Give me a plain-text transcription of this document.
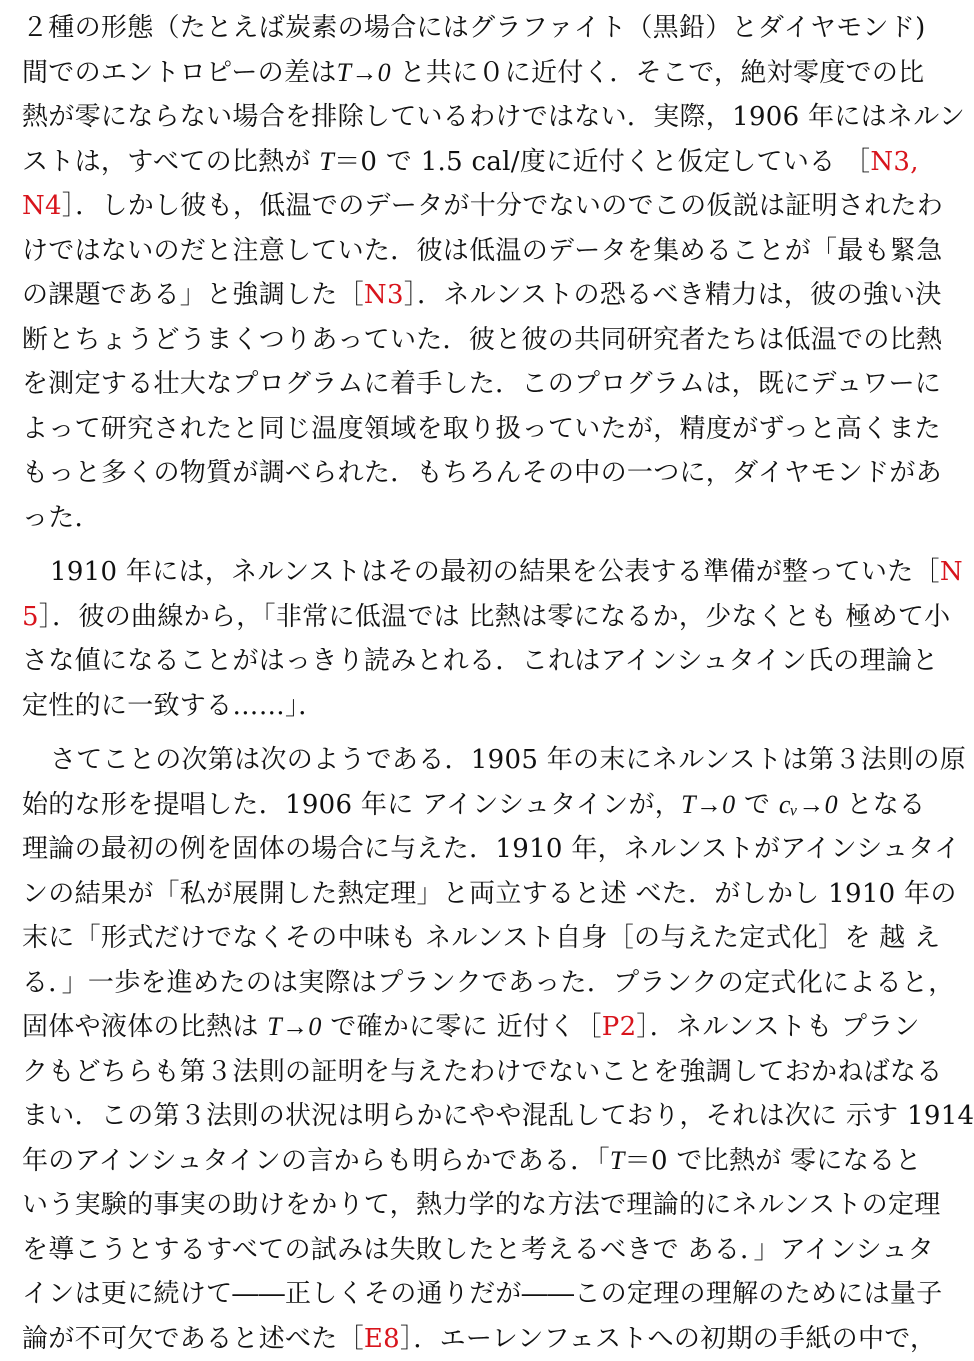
２種の形態（たとえば炭素の場合にはグラファイト（黒鉛）とダイヤモンド)
間でのエントロピーの差はT→0 と共に０に近付く．そこで，絶対零度での比
熱が零にならない場合を排除しているわけではない．実際，1906 年にはネルン
ストは，すべての比熱が T＝0 で 1.5 cal/度に近付くと仮定している ［N3,
N4］．しかし彼も，低温でのデータが十分でないのでこの仮説は証明されたわ
けではないのだと注意していた．彼は低温のデータを集めることが「最も緊急
の課題である」と強調した［N3］．ネルンストの恐るべき精力は，彼の強い決
断とちょうどうまくつりあっていた．彼と彼の共同研究者たちは低温での比熱
を測定する壮大なプログラムに着手した．このプログラムは，既にデュワーに
よって研究されたと同じ温度領域を取り扱っていたが，精度がずっと高くまた
もっと多くの物質が調べられた．もちろんその中の一つに，ダイヤモンドがあ
った．
1910 年には，ネルンストはその最初の結果を公表する準備が整っていた［N
5］．彼の曲線から，「非常に低温では 比熱は零になるか，少なくとも 極めて小
さな値になることがはっきり読みとれる．これはアインシュタイン氏の理論と
定性的に一致する……」．
さてことの次第は次のようである．1905 年の末にネルンストは第３法則の原
始的な形を提唱した．1906 年に アインシュタインが，T→0 で cᵥ→0 となる
理論の最初の例を固体の場合に与えた．1910 年，ネルンストがアインシュタイ
ンの結果が「私が展開した熱定理」と両立すると述 べた．がしかし 1910 年の
末に「形式だけでなくその中味も ネルンスト自身［の与えた定式化］を 越 え
る．」一歩を進めたのは実際はプランクであった．プランクの定式化によると，
固体や液体の比熱は T→0 で確かに零に 近付く［P2］．ネルンストも プラン
クもどちらも第３法則の証明を与えたわけでないことを強調しておかねばなる
まい．この第３法則の状況は明らかにやや混乱しており，それは次に 示す 1914
年のアインシュタインの言からも明らかである．「T＝0 で比熱が 零になると
いう実験的事実の助けをかりて，熱力学的な方法で理論的にネルンストの定理
を導こうとするすべての試みは失敗したと考えるべきで ある．」アインシュタ
インは更に続けて――正しくその通りだが――この定理の理解のためには量子
論が不可欠であると述べた［E8］．エーレンフェストへの初期の手紙の中で，
